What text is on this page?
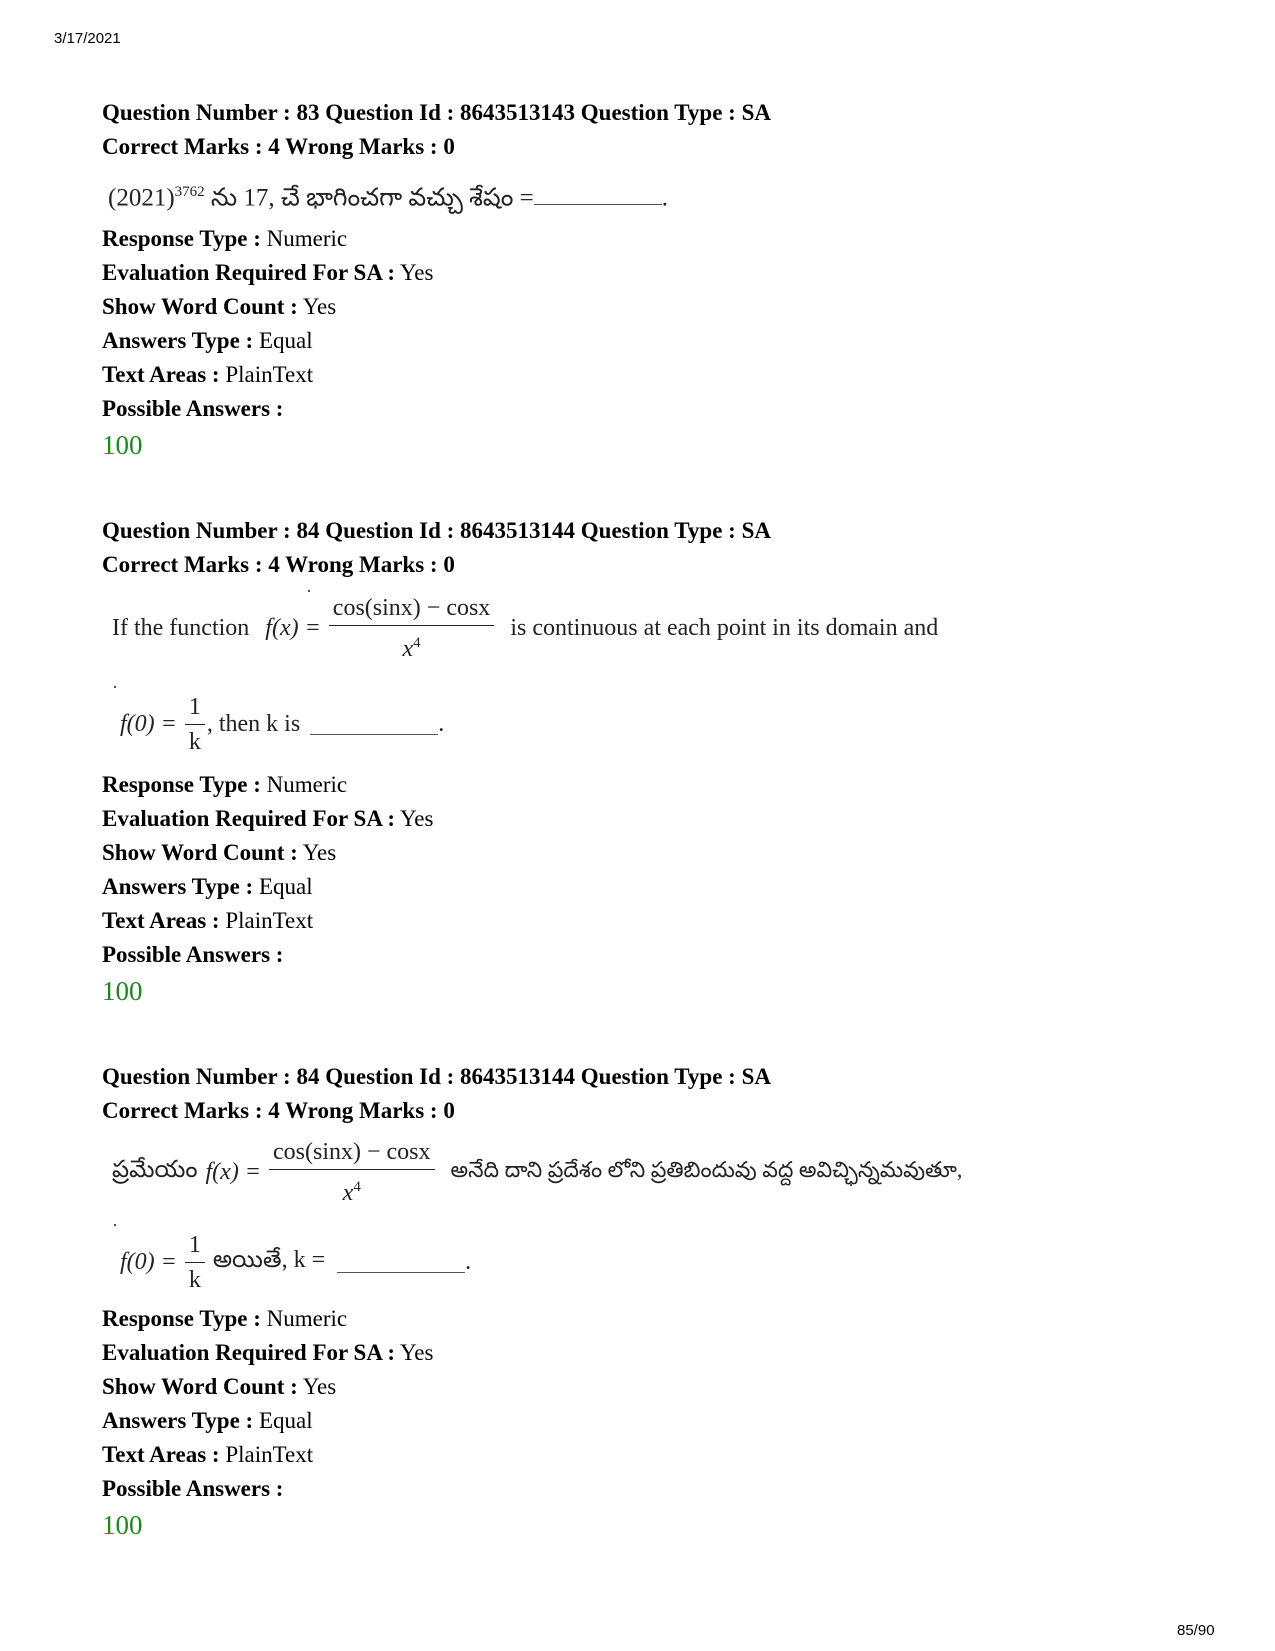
3/17/2021
Question Number : 83 Question Id : 8643513143 Question Type : SA
Correct Marks : 4 Wrong Marks : 0
$(2021)^{3762}$ ను 17, చే భాగించగా వచ్చు శేషం =	.
Response Type : Numeric
Evaluation Required For SA : Yes
Show Word Count : Yes
Answers Type : Equal
Text Areas : PlainText
Possible Answers :
100
Question Number : 84 Question Id : 8643513144 Question Type : SA
Correct Marks : 4 Wrong Marks : 0
If the function $f(x) = \frac{\cos(\sin x) - \cos x}{x^4}$ is continuous at each point in its domain and
$f(0) = \frac{1}{k}$ , then k is	.
Response Type : Numeric
Evaluation Required For SA : Yes
Show Word Count : Yes
Answers Type : Equal
Text Areas : PlainText
Possible Answers :
100
Question Number : 84 Question Id : 8643513144 Question Type : SA
Correct Marks : 4 Wrong Marks : 0
ప్రమేయం $f(x) = \frac{\cos(\sin x) - \cos x}{x^4}$ అనేది దాని ప్రదేశం లోని ప్రతిబిందువు వద్ద అవిచ్ఛిన్నమవుతూ,
$f(0) = \frac{1}{k}$ అయితే, k =	.
Response Type : Numeric
Evaluation Required For SA : Yes
Show Word Count : Yes
Answers Type : Equal
Text Areas : PlainText
Possible Answers :
100
85/90
